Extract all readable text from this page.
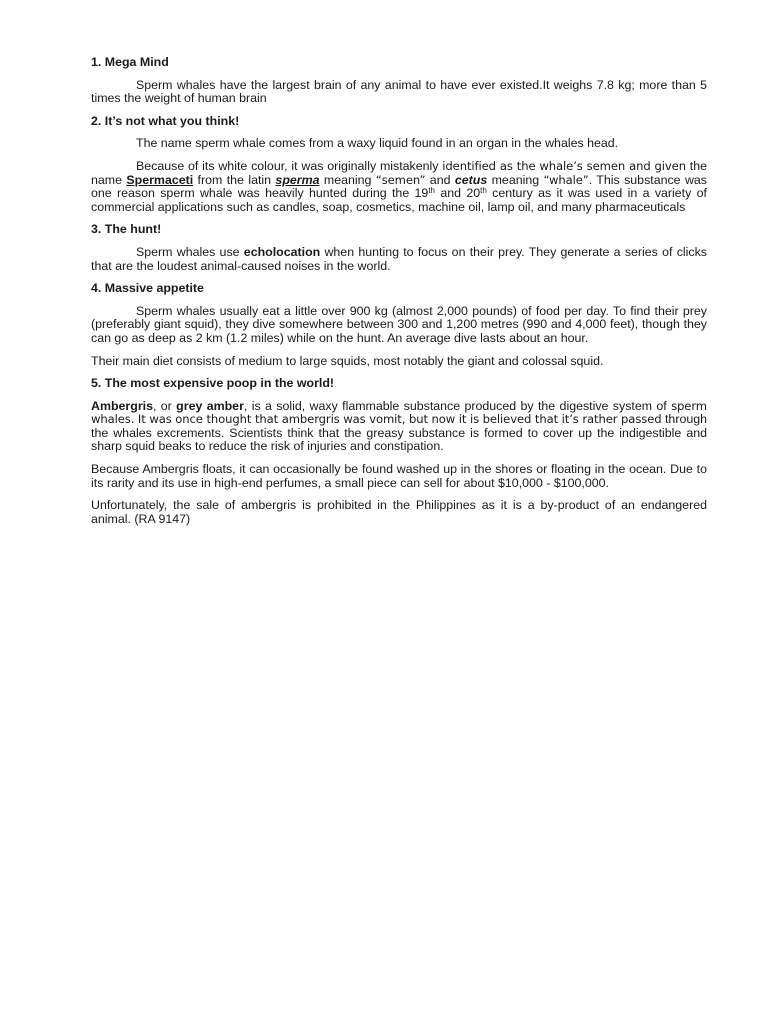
1. Mega Mind

Sperm whales have the largest brain of any animal to have ever existed.It weighs 7.8 kg; more than 5 times the weight of human brain

2. It’s not what you think!

The name sperm whale comes from a waxy liquid found in an organ in the whales head.

Because of its white colour, it was originally mistakenly identified as the whale’s semen and given the name Spermaceti from the latin sperma meaning “semen” and cetus meaning “whale”. This substance was one reason sperm whale was heavily hunted during the 19th and 20th century as it was used in a variety of commercial applications such as candles, soap, cosmetics, machine oil, lamp oil, and many pharmaceuticals

3. The hunt!

Sperm whales use echolocation when hunting to focus on their prey. They generate a series of clicks that are the loudest animal-caused noises in the world.

4. Massive appetite

Sperm whales usually eat a little over 900 kg (almost 2,000 pounds) of food per day. To find their prey (preferably giant squid), they dive somewhere between 300 and 1,200 metres (990 and 4,000 feet), though they can go as deep as 2 km (1.2 miles) while on the hunt. An average dive lasts about an hour.

Their main diet consists of medium to large squids, most notably the giant and colossal squid.

5. The most expensive poop in the world!

Ambergris, or grey amber, is a solid, waxy flammable substance produced by the digestive system of sperm whales. It was once thought that ambergris was vomit, but now it is believed that it’s rather passed through the whales excrements. Scientists think that the greasy substance is formed to cover up the indigestible and sharp squid beaks to reduce the risk of injuries and constipation.

Because Ambergris floats, it can occasionally be found washed up in the shores or floating in the ocean. Due to its rarity and its use in high-end perfumes, a small piece can sell for about $10,000 - $100,000.

Unfortunately, the sale of ambergris is prohibited in the Philippines as it is a by-product of an endangered animal. (RA 9147)
